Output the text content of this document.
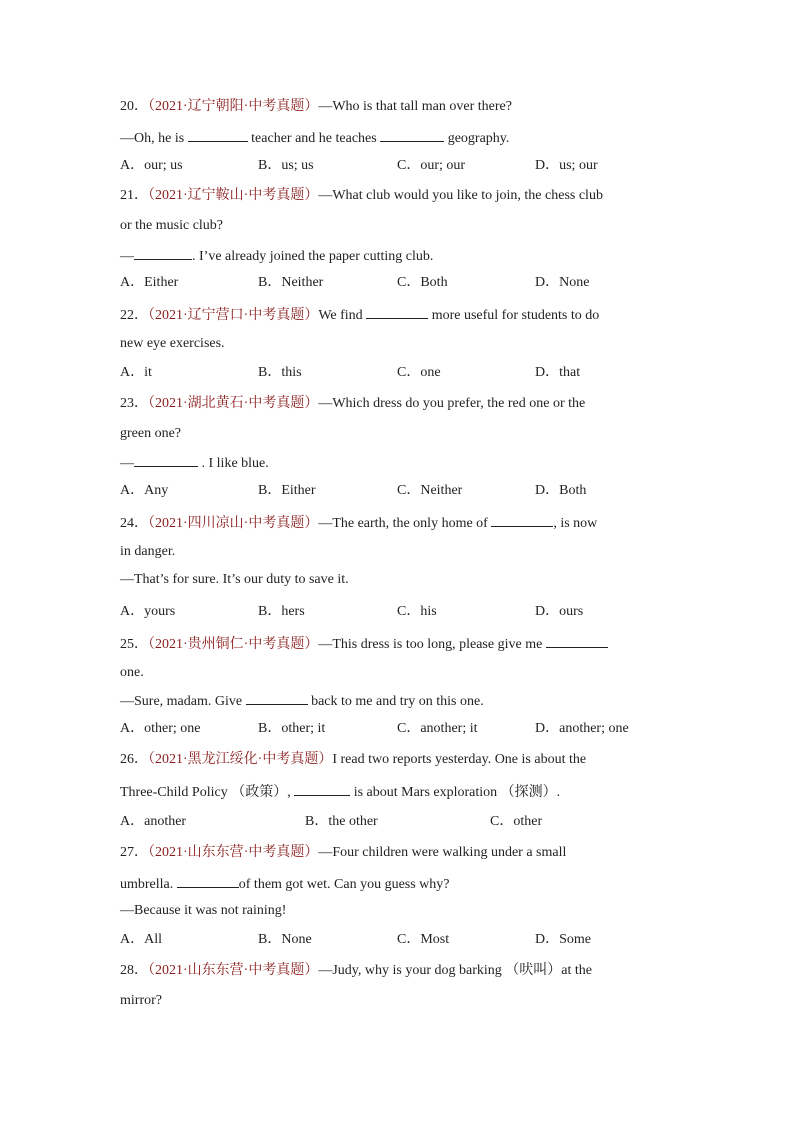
20．（2021·辽宁朝阳·中考真题）—Who is that tall man over there?
—Oh, he is	teacher and he teaches	geography.
A．our; us	B．us; us	C．our; our	D．us; our
21．（2021·辽宁鞍山·中考真题）—What club would you like to join, the chess club
or the music club?
—	. I’ve already joined the paper cutting club.
A．Either	B．Neither	C．Both	D．None
22．（2021·辽宁营口·中考真题）We find	more useful for students to do
new eye exercises.
A．it	B．this	C．one	D．that
23．（2021·湖北黄石·中考真题）—Which dress do you prefer, the red one or the
green one?
—	. I like blue.
A．Any	B．Either	C．Neither	D．Both
24．（2021·四川凉山·中考真题）—The earth, the only home of	, is now
in danger.
—That’s for sure. It’s our duty to save it.
A．yours	B．hers	C．his	D．ours
25．（2021·贵州铜仁·中考真题）—This dress is too long, please give me
one.
—Sure, madam. Give	back to me and try on this one.
A．other; one	B．other; it	C．another; it	D．another; one
26．（2021·黑龙江绥化·中考真题）I read two reports yesterday. One is about the
Three-Child Policy （政策）,	is about Mars exploration （探测）.
A．another	B．the other	C．other
27．（2021·山东东营·中考真题）—Four children were walking under a small
umbrella.	of them got wet. Can you guess why?
—Because it was not raining!
A．All	B．None	C．Most	D．Some
28．（2021·山东东营·中考真题）—Judy, why is your dog barking （吠叫）at the
mirror?
